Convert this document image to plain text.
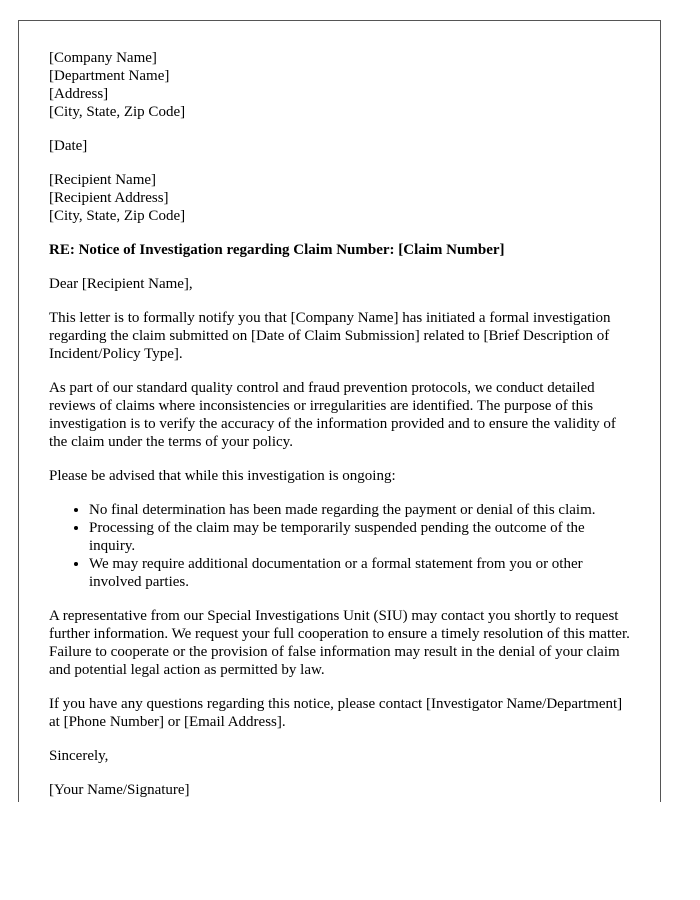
[Company Name]
[Department Name]
[Address]
[City, State, Zip Code]

[Date]

[Recipient Name]
[Recipient Address]
[City, State, Zip Code]

RE: Notice of Investigation regarding Claim Number: [Claim Number]

Dear [Recipient Name],

This letter is to formally notify you that [Company Name] has initiated a formal investigation regarding the claim submitted on [Date of Claim Submission] related to [Brief Description of Incident/Policy Type].

As part of our standard quality control and fraud prevention protocols, we conduct detailed reviews of claims where inconsistencies or irregularities are identified. The purpose of this investigation is to verify the accuracy of the information provided and to ensure the validity of the claim under the terms of your policy.

Please be advised that while this investigation is ongoing:

• No final determination has been made regarding the payment or denial of this claim.
• Processing of the claim may be temporarily suspended pending the outcome of the inquiry.
• We may require additional documentation or a formal statement from you or other involved parties.

A representative from our Special Investigations Unit (SIU) may contact you shortly to request further information. We request your full cooperation to ensure a timely resolution of this matter. Failure to cooperate or the provision of false information may result in the denial of your claim and potential legal action as permitted by law.

If you have any questions regarding this notice, please contact [Investigator Name/Department] at [Phone Number] or [Email Address].

Sincerely,

[Your Name/Signature]
